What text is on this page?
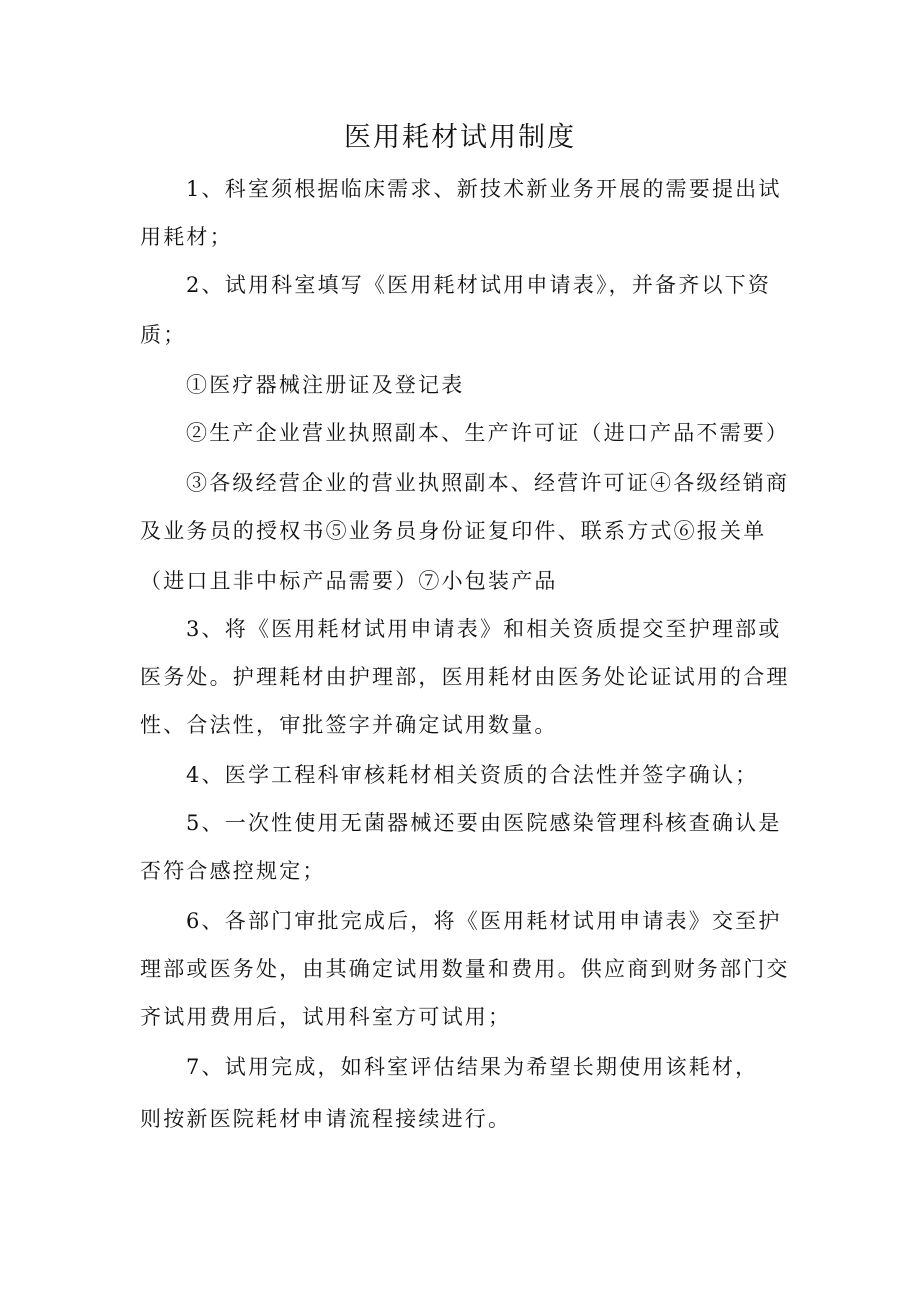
医用耗材试用制度

1、科室须根据临床需求、新技术新业务开展的需要提出试

用耗材；

2、试用科室填写《医用耗材试用申请表》，并备齐以下资

质；

①医疗器械注册证及登记表

②生产企业营业执照副本、生产许可证（进口产品不需要）

③各级经营企业的营业执照副本、经营许可证④各级经销商

及业务员的授权书⑤业务员身份证复印件、联系方式⑥报关单

（进口且非中标产品需要）⑦小包装产品

3、将《医用耗材试用申请表》和相关资质提交至护理部或

医务处。护理耗材由护理部，医用耗材由医务处论证试用的合理

性、合法性，审批签字并确定试用数量。

4、医学工程科审核耗材相关资质的合法性并签字确认；

5、一次性使用无菌器械还要由医院感染管理科核查确认是

否符合感控规定；

6、各部门审批完成后，将《医用耗材试用申请表》交至护

理部或医务处，由其确定试用数量和费用。供应商到财务部门交

齐试用费用后，试用科室方可试用；

7、试用完成，如科室评估结果为希望长期使用该耗材，

则按新医院耗材申请流程接续进行。
